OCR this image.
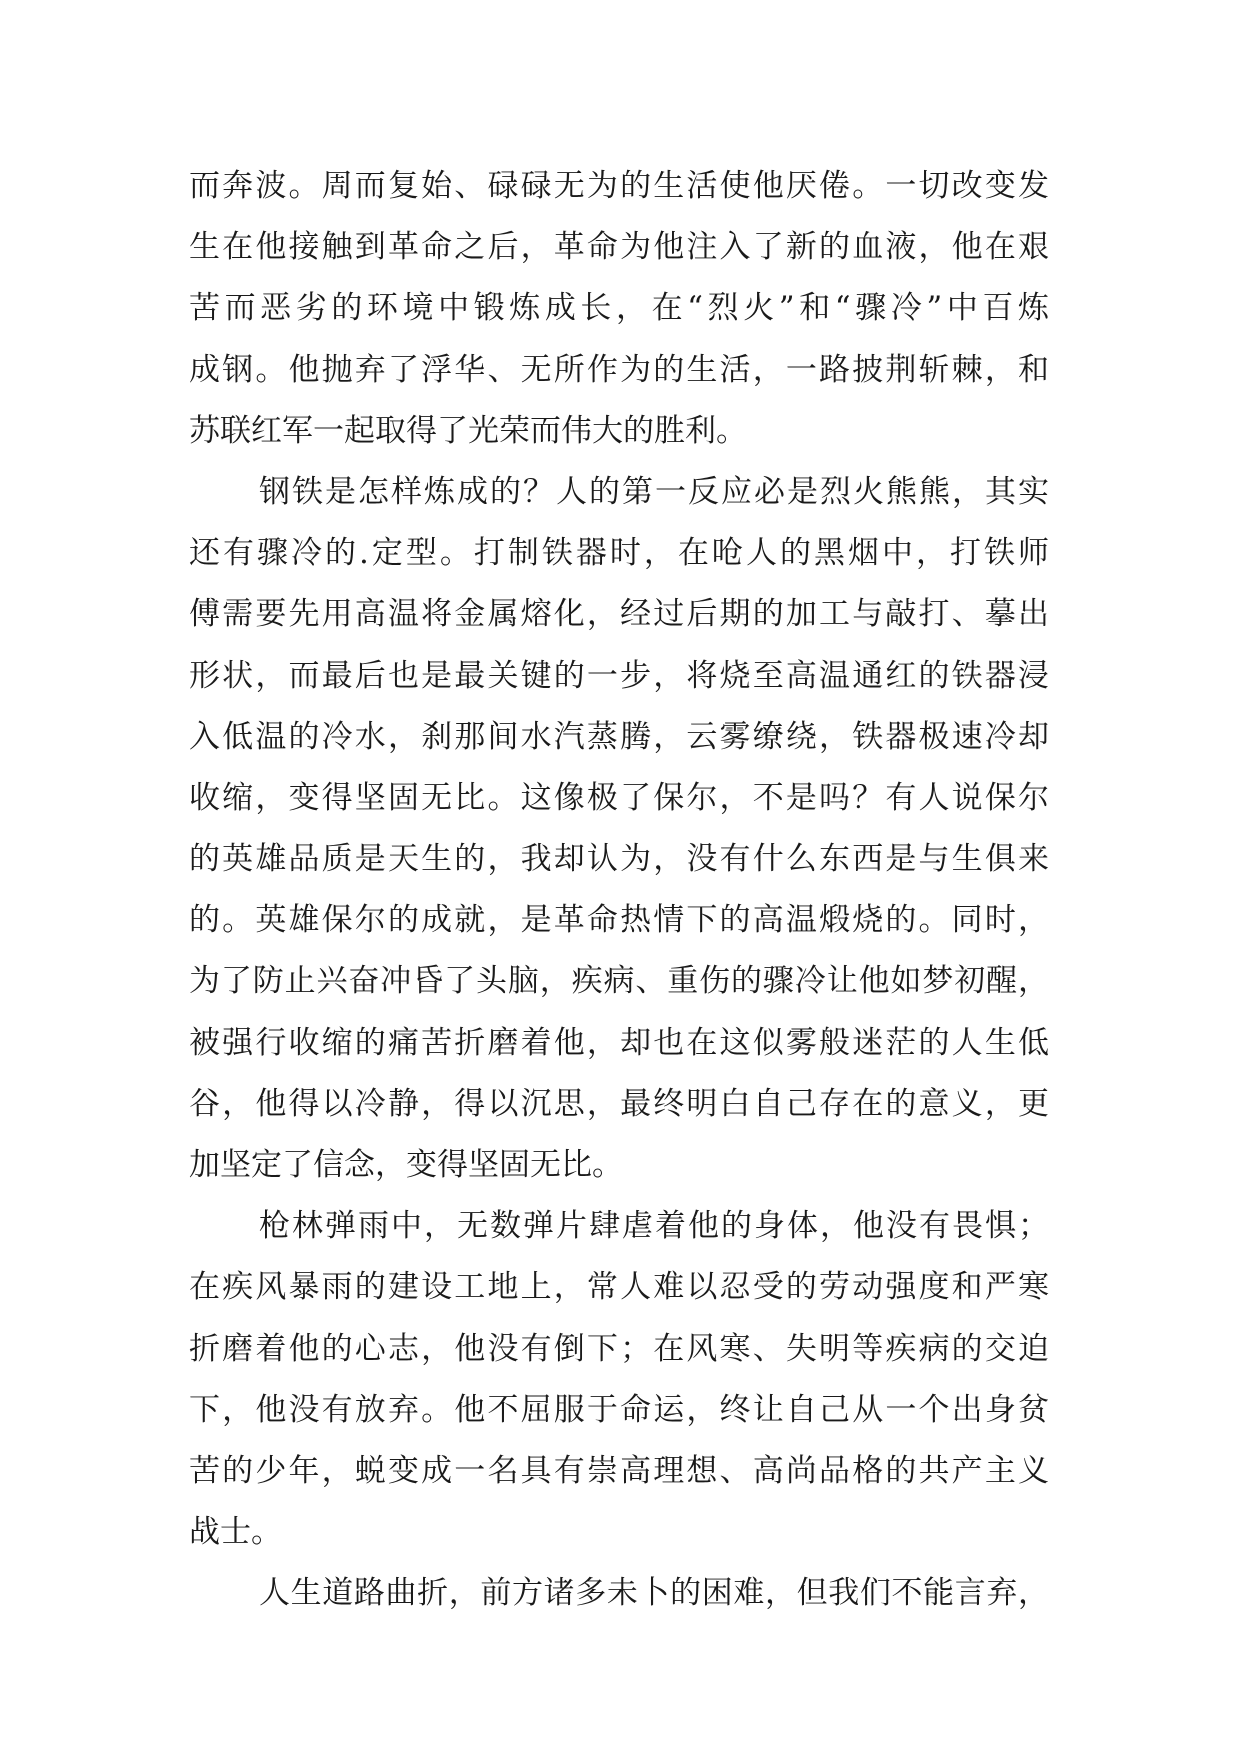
而奔波。周而复始、碌碌无为的生活使他厌倦。一切改变发
生在他接触到革命之后，革命为他注入了新的血液，他在艰
苦而恶劣的环境中锻炼成长，在“烈火”和“骤冷”中百炼
成钢。他抛弃了浮华、无所作为的生活，一路披荆斩棘，和
苏联红军一起取得了光荣而伟大的胜利。
钢铁是怎样炼成的？人的第一反应必是烈火熊熊，其实
还有骤冷的.定型。打制铁器时，在呛人的黑烟中，打铁师
傅需要先用高温将金属熔化，经过后期的加工与敲打、摹出
形状，而最后也是最关键的一步，将烧至高温通红的铁器浸
入低温的冷水，刹那间水汽蒸腾，云雾缭绕，铁器极速冷却
收缩，变得坚固无比。这像极了保尔，不是吗？有人说保尔
的英雄品质是天生的，我却认为，没有什么东西是与生俱来
的。英雄保尔的成就，是革命热情下的高温煅烧的。同时，
为了防止兴奋冲昏了头脑，疾病、重伤的骤冷让他如梦初醒，
被强行收缩的痛苦折磨着他，却也在这似雾般迷茫的人生低
谷，他得以冷静，得以沉思，最终明白自己存在的意义，更
加坚定了信念，变得坚固无比。
枪林弹雨中，无数弹片肆虐着他的身体，他没有畏惧；
在疾风暴雨的建设工地上，常人难以忍受的劳动强度和严寒
折磨着他的心志，他没有倒下；在风寒、失明等疾病的交迫
下，他没有放弃。他不屈服于命运，终让自己从一个出身贫
苦的少年，蜕变成一名具有崇高理想、高尚品格的共产主义
战士。
人生道路曲折，前方诸多未卜的困难，但我们不能言弃，
